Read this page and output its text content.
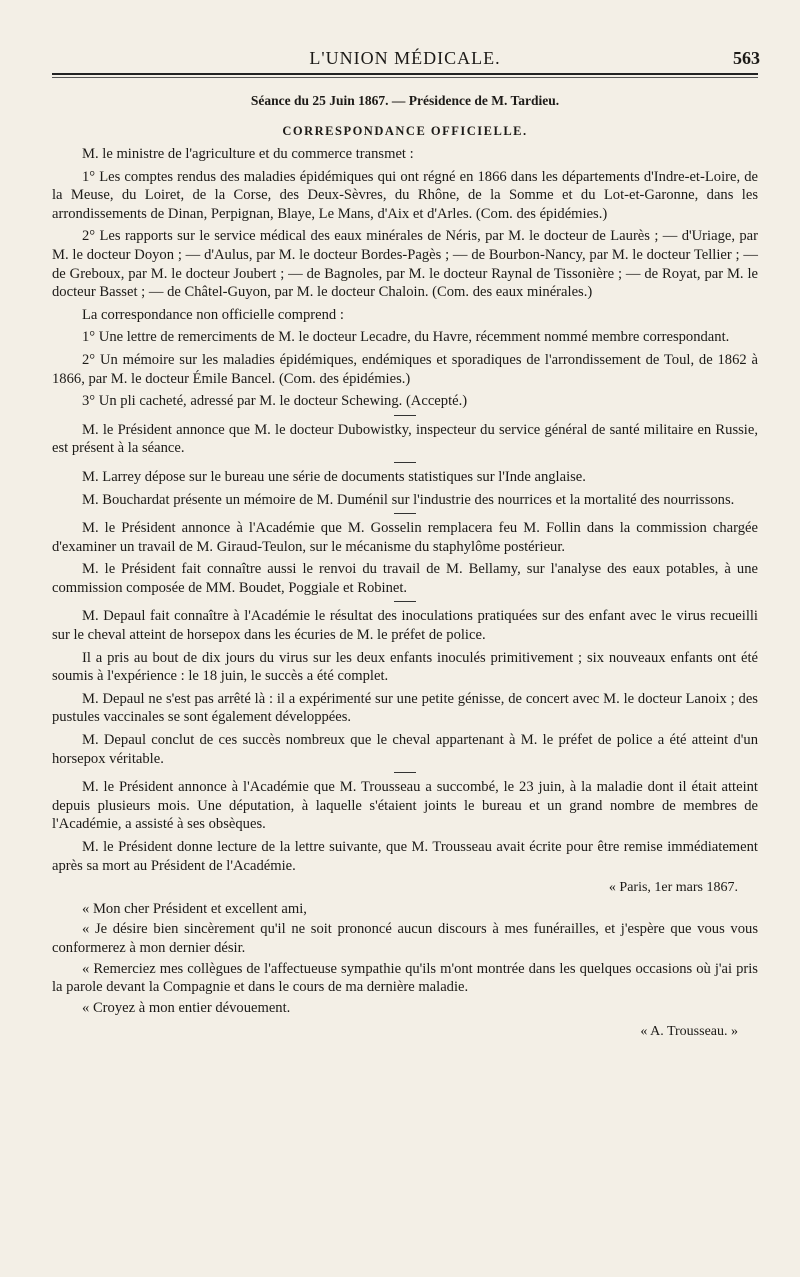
L'UNION MÉDICALE.	563
Séance du 25 Juin 1867. — Présidence de M. Tardieu.
CORRESPONDANCE OFFICIELLE.

M. le ministre de l'agriculture et du commerce transmet :

1° Les comptes rendus des maladies épidémiques qui ont régné en 1866 dans les départements d'Indre-et-Loire, de la Meuse, du Loiret, de la Corse, des Deux-Sèvres, du Rhône, de la Somme et du Lot-et-Garonne, dans les arrondissements de Dinan, Perpignan, Blaye, Le Mans, d'Aix et d'Arles. (Com. des épidémies.)

2° Les rapports sur le service médical des eaux minérales de Néris, par M. le docteur de Laurès ; — d'Uriage, par M. le docteur Doyon ; — d'Aulus, par M. le docteur Bordes-Pagès ; — de Bourbon-Nancy, par M. le docteur Tellier ; — de Greboux, par M. le docteur Joubert ; — de Bagnoles, par M. le docteur Raynal de Tissonière ; — de Royat, par M. le docteur Basset ; — de Châtel-Guyon, par M. le docteur Chaloin. (Com. des eaux minérales.)

La correspondance non officielle comprend :

1° Une lettre de remerciments de M. le docteur Lecadre, du Havre, récemment nommé membre correspondant.

2° Un mémoire sur les maladies épidémiques, endémiques et sporadiques de l'arrondissement de Toul, de 1862 à 1866, par M. le docteur Émile Bancel. (Com. des épidémies.)

3° Un pli cacheté, adressé par M. le docteur Schewing. (Accepté.)

M. le Président annonce que M. le docteur Dubowistky, inspecteur du service général de santé militaire en Russie, est présent à la séance.

M. Larrey dépose sur le bureau une série de documents statistiques sur l'Inde anglaise.

M. Bouchardat présente un mémoire de M. Duménil sur l'industrie des nourrices et la mortalité des nourrissons.

M. le Président annonce à l'Académie que M. Gosselin remplacera feu M. Follin dans la commission chargée d'examiner un travail de M. Giraud-Teulon, sur le mécanisme du staphylôme postérieur.

M. le Président fait connaître aussi le renvoi du travail de M. Bellamy, sur l'analyse des eaux potables, à une commission composée de MM. Boudet, Poggiale et Robinet.

M. Depaul fait connaître à l'Académie le résultat des inoculations pratiquées sur des enfant avec le virus recueilli sur le cheval atteint de horsepox dans les écuries de M. le préfet de police.

Il a pris au bout de dix jours du virus sur les deux enfants inoculés primitivement ; six nouveaux enfants ont été soumis à l'expérience : le 18 juin, le succès a été complet.

M. Depaul ne s'est pas arrêté là : il a expérimenté sur une petite génisse, de concert avec M. le docteur Lanoix ; des pustules vaccinales se sont également développées.

M. Depaul conclut de ces succès nombreux que le cheval appartenant à M. le préfet de police a été atteint d'un horsepox véritable.

M. le Président annonce à l'Académie que M. Trousseau a succombé, le 23 juin, à la maladie dont il était atteint depuis plusieurs mois. Une députation, à laquelle s'étaient joints le bureau et un grand nombre de membres de l'Académie, a assisté à ses obsèques.

M. le Président donne lecture de la lettre suivante, que M. Trousseau avait écrite pour être remise immédiatement après sa mort au Président de l'Académie.

« Paris, 1er mars 1867.

« Mon cher Président et excellent ami,

« Je désire bien sincèrement qu'il ne soit prononcé aucun discours à mes funérailles, et j'espère que vous vous conformerez à mon dernier désir.

« Remerciez mes collègues de l'affectueuse sympathie qu'ils m'ont montrée dans les quelques occasions où j'ai pris la parole devant la Compagnie et dans le cours de ma dernière maladie.

« Croyez à mon entier dévouement.

« A. Trousseau. »
